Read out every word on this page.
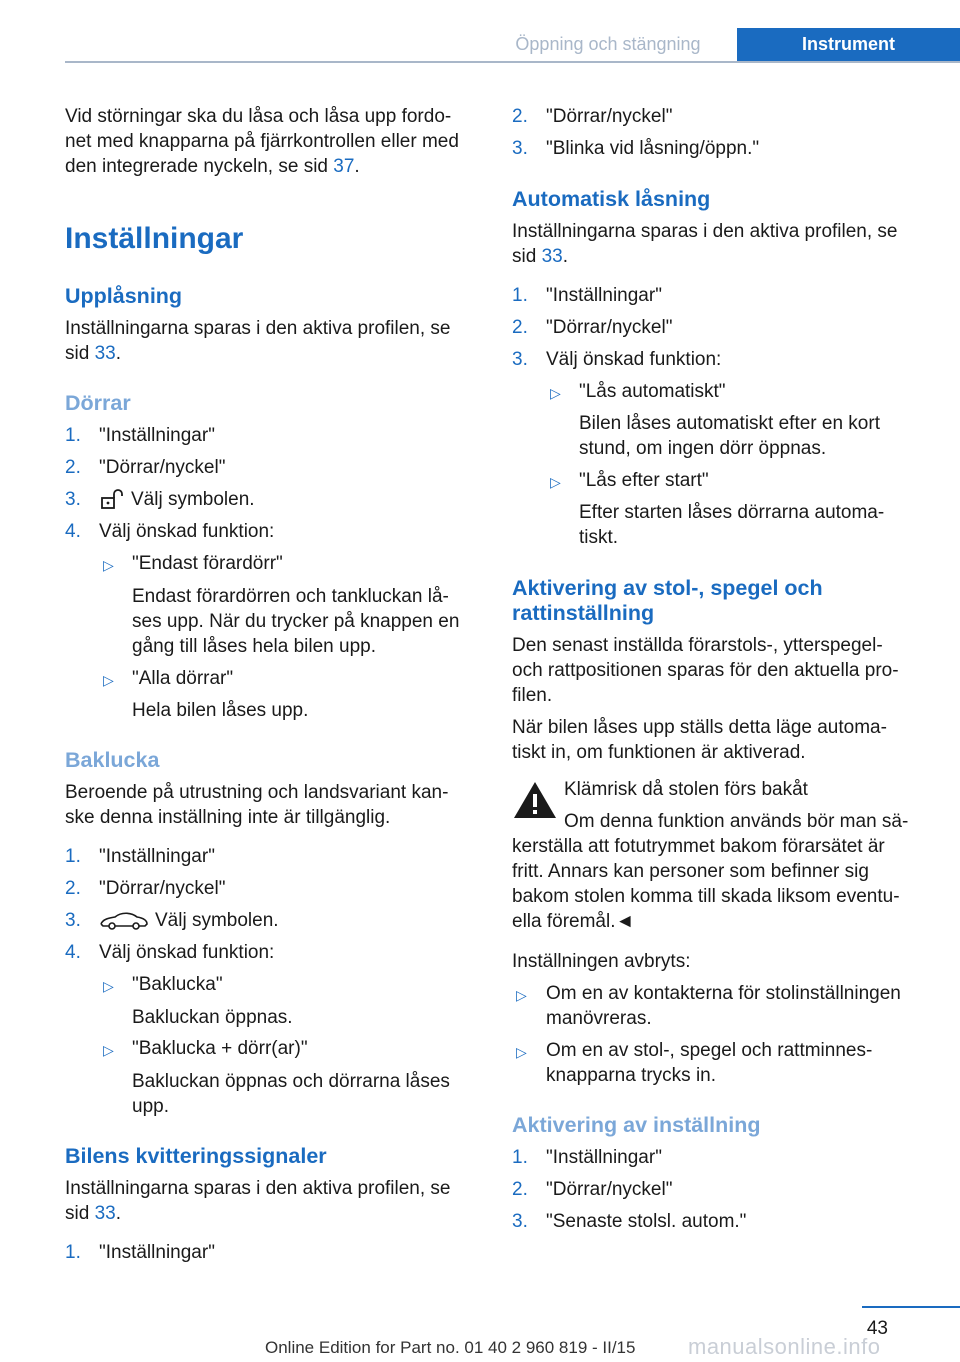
Öppning och stängning	Instrument
Vid störningar ska du låsa och låsa upp fordo‐
net med knapparna på fjärrkontrollen eller med
den integrerade nyckeln, se sid 37.
Inställningar
Upplåsning
Inställningarna sparas i den aktiva profilen, se
sid 33.
Dörrar
1. "Inställningar"
2. "Dörrar/nyckel"
3.	Välj symbolen.
4. Välj önskad funktion:
▷ "Endast förardörr"
Endast förardörren och tankluckan lå‐
ses upp. När du trycker på knappen en
gång till låses hela bilen upp.
▷ "Alla dörrar"
Hela bilen låses upp.
Baklucka
Beroende på utrustning och landsvariant kan‐
ske denna inställning inte är tillgänglig.
1. "Inställningar"
2. "Dörrar/nyckel"
3.	Välj symbolen.
4. Välj önskad funktion:
▷ "Baklucka"
Bakluckan öppnas.
▷ "Baklucka + dörr(ar)"
Bakluckan öppnas och dörrarna låses
upp.
Bilens kvitteringssignaler
Inställningarna sparas i den aktiva profilen, se
sid 33.
1. "Inställningar"
2. "Dörrar/nyckel"
3. "Blinka vid låsning/öppn."
Automatisk låsning
Inställningarna sparas i den aktiva profilen, se
sid 33.
1. "Inställningar"
2. "Dörrar/nyckel"
3. Välj önskad funktion:
▷ "Lås automatiskt"
Bilen låses automatiskt efter en kort
stund, om ingen dörr öppnas.
▷ "Lås efter start"
Efter starten låses dörrarna automa‐
tiskt.
Aktivering av stol-, spegel och
rattinställning
Den senast inställda förarstols-, ytterspegel-
och rattpositionen sparas för den aktuella pro‐
filen.
När bilen låses upp ställs detta läge automa‐
tiskt in, om funktionen är aktiverad.
Klämrisk då stolen förs bakåt
Om denna funktion används bör man sä‐
kerställa att fotutrymmet bakom förarsätet är
fritt. Annars kan personer som befinner sig
bakom stolen komma till skada liksom eventu‐
ella föremål.◄
Inställningen avbryts:
▷ Om en av kontakterna för stolinställningen
manövreras.
▷ Om en av stol-, spegel och rattminnes‐
knapparna trycks in.
Aktivering av inställning
1. "Inställningar"
2. "Dörrar/nyckel"
3. "Senaste stolsl. autom."
43
Online Edition for Part no. 01 40 2 960 819 - II/15 manualsonline.info
